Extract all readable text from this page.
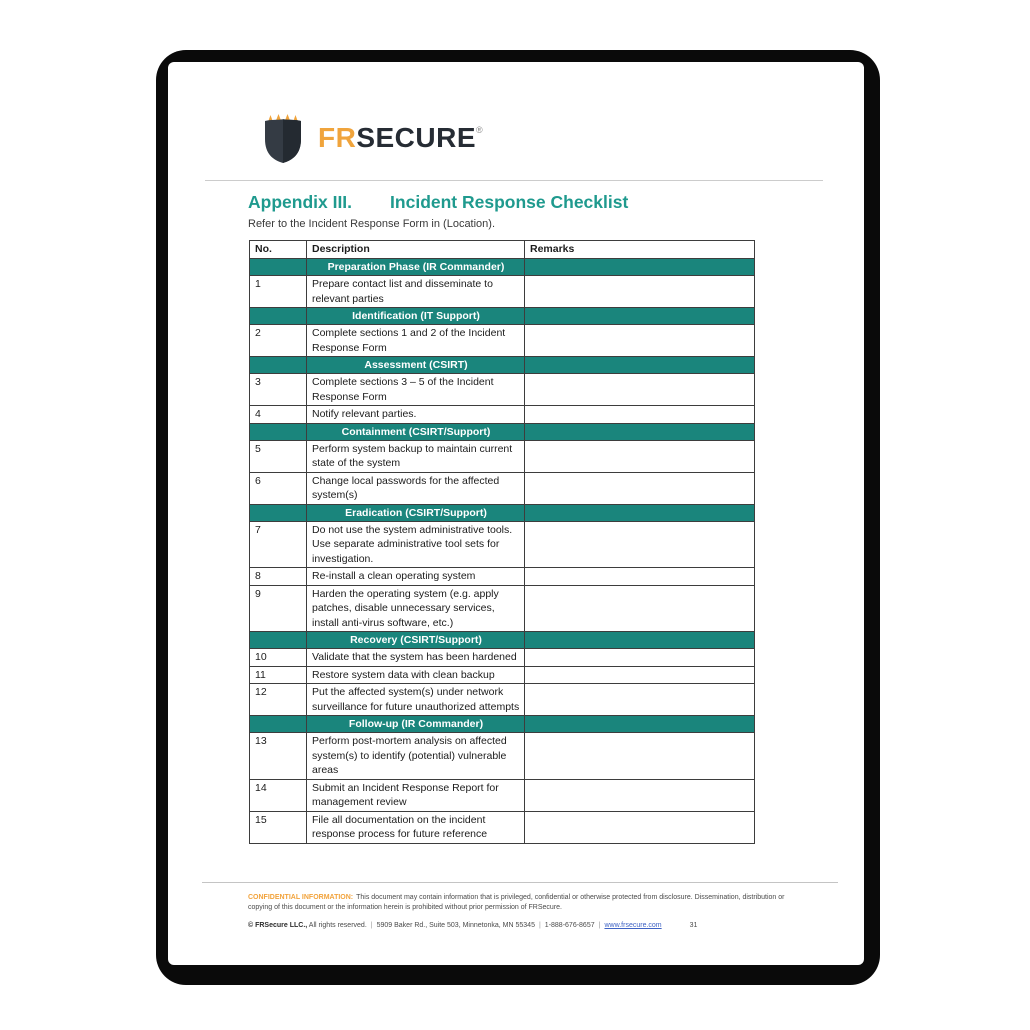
FRSECURE®
Appendix III. Incident Response Checklist
Refer to the Incident Response Form in (Location).
No.	Description	Remarks
	Preparation Phase (IR Commander)	
1	Prepare contact list and disseminate to relevant parties	
	Identification (IT Support)	
2	Complete sections 1 and 2 of the Incident Response Form	
	Assessment (CSIRT)	
3	Complete sections 3 – 5 of the Incident Response Form	
4	Notify relevant parties.	
	Containment (CSIRT/Support)	
5	Perform system backup to maintain current state of the system	
6	Change local passwords for the affected system(s)	
	Eradication (CSIRT/Support)	
7	Do not use the system administrative tools. Use separate administrative tool sets for investigation.	
8	Re-install a clean operating system	
9	Harden the operating system (e.g. apply patches, disable unnecessary services, install anti-virus software, etc.)	
	Recovery (CSIRT/Support)	
10	Validate that the system has been hardened	
11	Restore system data with clean backup	
12	Put the affected system(s) under network surveillance for future unauthorized attempts	
	Follow-up (IR Commander)	
13	Perform post-mortem analysis on affected system(s) to identify (potential) vulnerable areas	
14	Submit an Incident Response Report for management review	
15	File all documentation on the incident response process for future reference	
CONFIDENTIAL INFORMATION: This document may contain information that is privileged, confidential or otherwise protected from disclosure. Dissemination, distribution or copying of this document or the information herein is prohibited without prior permission of FRSecure.
© FRSecure LLC., All rights reserved. | 5909 Baker Rd., Suite 503, Minnetonka, MN 55345 | 1-888-676-8657 | www.frsecure.com	31
